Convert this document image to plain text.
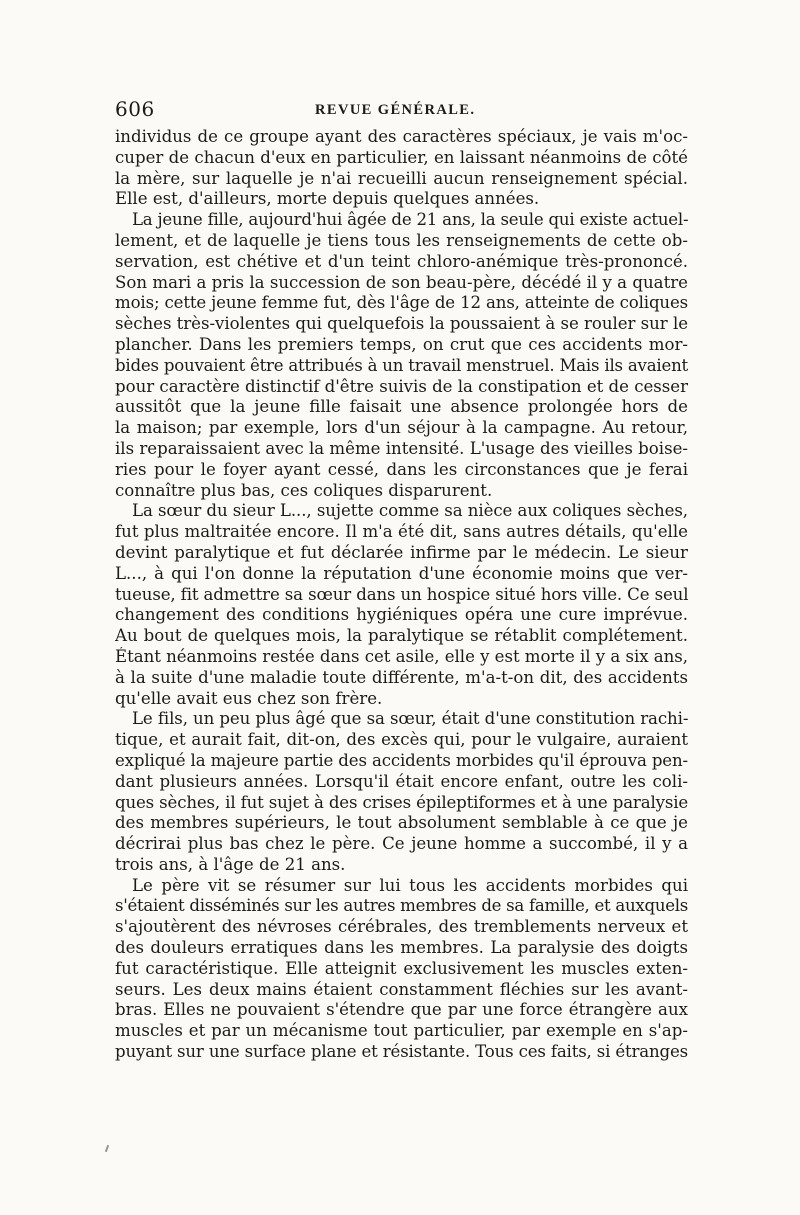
606	REVUE GÉNÉRALE.
individus de ce groupe ayant des caractères spéciaux, je vais m'oc-
cuper de chacun d'eux en particulier, en laissant néanmoins de côté
la mère, sur laquelle je n'ai recueilli aucun renseignement spécial.
Elle est, d'ailleurs, morte depuis quelques années.
La jeune fille, aujourd'hui âgée de 21 ans, la seule qui existe actuel-
lement, et de laquelle je tiens tous les renseignements de cette ob-
servation, est chétive et d'un teint chloro-anémique très-prononcé.
Son mari a pris la succession de son beau-père, décédé il y a quatre
mois; cette jeune femme fut, dès l'âge de 12 ans, atteinte de coliques
sèches très-violentes qui quelquefois la poussaient à se rouler sur le
plancher. Dans les premiers temps, on crut que ces accidents mor-
bides pouvaient être attribués à un travail menstruel. Mais ils avaient
pour caractère distinctif d'être suivis de la constipation et de cesser
aussitôt que la jeune fille faisait une absence prolongée hors de
la maison; par exemple, lors d'un séjour à la campagne. Au retour,
ils reparaissaient avec la même intensité. L'usage des vieilles boise-
ries pour le foyer ayant cessé, dans les circonstances que je ferai
connaître plus bas, ces coliques disparurent.
La sœur du sieur L..., sujette comme sa nièce aux coliques sèches,
fut plus maltraitée encore. Il m'a été dit, sans autres détails, qu'elle
devint paralytique et fut déclarée infirme par le médecin. Le sieur
L..., à qui l'on donne la réputation d'une économie moins que ver-
tueuse, fit admettre sa sœur dans un hospice situé hors ville. Ce seul
changement des conditions hygiéniques opéra une cure imprévue.
Au bout de quelques mois, la paralytique se rétablit complétement.
Étant néanmoins restée dans cet asile, elle y est morte il y a six ans,
à la suite d'une maladie toute différente, m'a-t-on dit, des accidents
qu'elle avait eus chez son frère.
Le fils, un peu plus âgé que sa sœur, était d'une constitution rachi-
tique, et aurait fait, dit-on, des excès qui, pour le vulgaire, auraient
expliqué la majeure partie des accidents morbides qu'il éprouva pen-
dant plusieurs années. Lorsqu'il était encore enfant, outre les coli-
ques sèches, il fut sujet à des crises épileptiformes et à une paralysie
des membres supérieurs, le tout absolument semblable à ce que je
décrirai plus bas chez le père. Ce jeune homme a succombé, il y a
trois ans, à l'âge de 21 ans.
Le père vit se résumer sur lui tous les accidents morbides qui
s'étaient disséminés sur les autres membres de sa famille, et auxquels
s'ajoutèrent des névroses cérébrales, des tremblements nerveux et
des douleurs erratiques dans les membres. La paralysie des doigts
fut caractéristique. Elle atteignit exclusivement les muscles exten-
seurs. Les deux mains étaient constamment fléchies sur les avant-
bras. Elles ne pouvaient s'étendre que par une force étrangère aux
muscles et par un mécanisme tout particulier, par exemple en s'ap-
puyant sur une surface plane et résistante. Tous ces faits, si étranges
